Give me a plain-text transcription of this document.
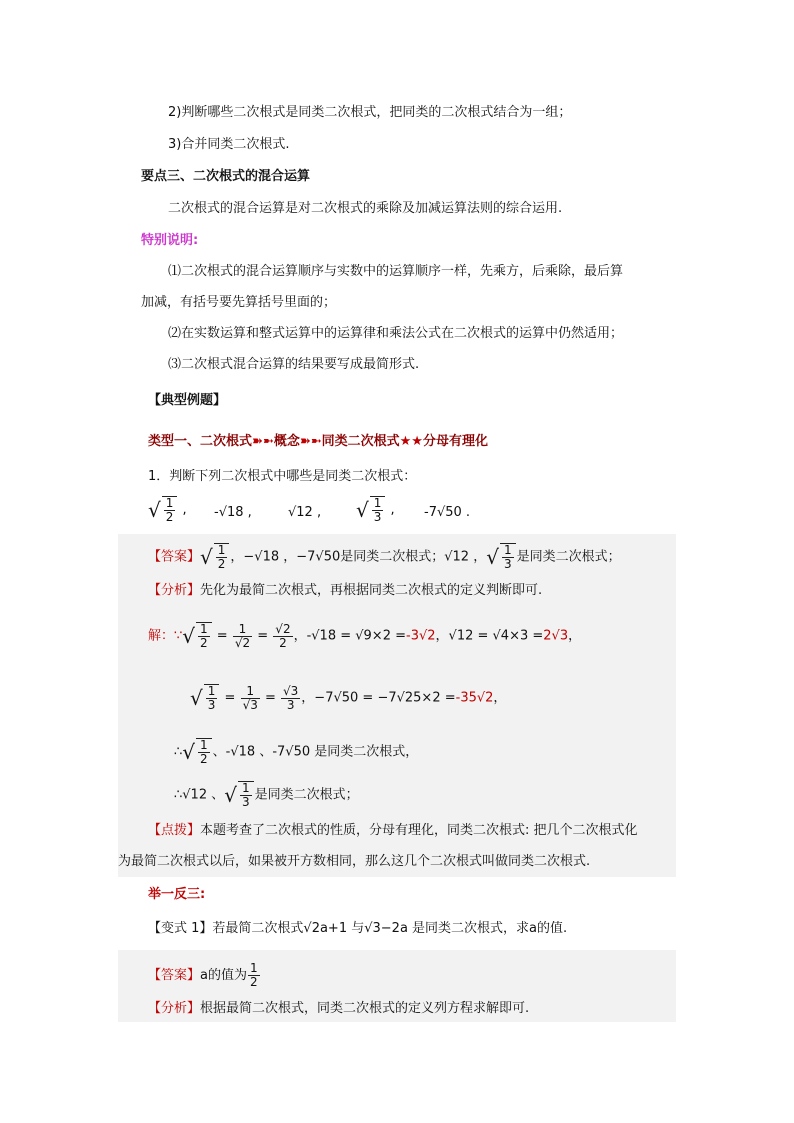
2)判断哪些二次根式是同类二次根式，把同类的二次根式结合为一组；
3)合并同类二次根式.
要点三、二次根式的混合运算
二次根式的混合运算是对二次根式的乘除及加减运算法则的综合运用.
特别说明:
⑴二次根式的混合运算顺序与实数中的运算顺序一样，先乘方，后乘除，最后算
加减，有括号要先算括号里面的；
⑵在实数运算和整式运算中的运算律和乘法公式在二次根式的运算中仍然适用；
⑶二次根式混合运算的结果要写成最简形式.
【典型例题】
类型一、二次根式➽➼概念➽➼同类二次根式★★分母有理化
1．判断下列二次根式中哪些是同类二次根式：
√ $\frac{1}{2}$ , -√18 ,	√12 , √ $\frac{1}{3}$ , -7√50 .
【答案】√ $\frac{1}{2}$ ，−√18 ，−7√50是同类二次根式；√12 ，√ $\frac{1}{3}$ 是同类二次根式；
【分析】先化为最简二次根式，再根据同类二次根式的定义判断即可.
解：∵√ $\frac{1}{2} = \frac{1}{√2} = \frac{√2}{2}$ ，-√18 = √9×2 =-3√2，√12 = √4×3 =2√3，
√ $\frac{1}{3} = \frac{1}{√3} = \frac{√3}{3}$ ，−7√50 = −7√25×2 =-35√2，
∴√ $\frac{1}{2}$ 、-√18 、-7√50 是同类二次根式，
∴√12 、√ $\frac{1}{3}$ 是同类二次根式；
【点拨】本题考查了二次根式的性质，分母有理化，同类二次根式: 把几个二次根式化
为最简二次根式以后，如果被开方数相同，那么这几个二次根式叫做同类二次根式.
举一反三:
【变式 1】若最简二次根式√2a+1 与√3−2a 是同类二次根式，求a的值.
【答案】a的值为 $\frac{1}{2}$
【分析】根据最简二次根式，同类二次根式的定义列方程求解即可.
